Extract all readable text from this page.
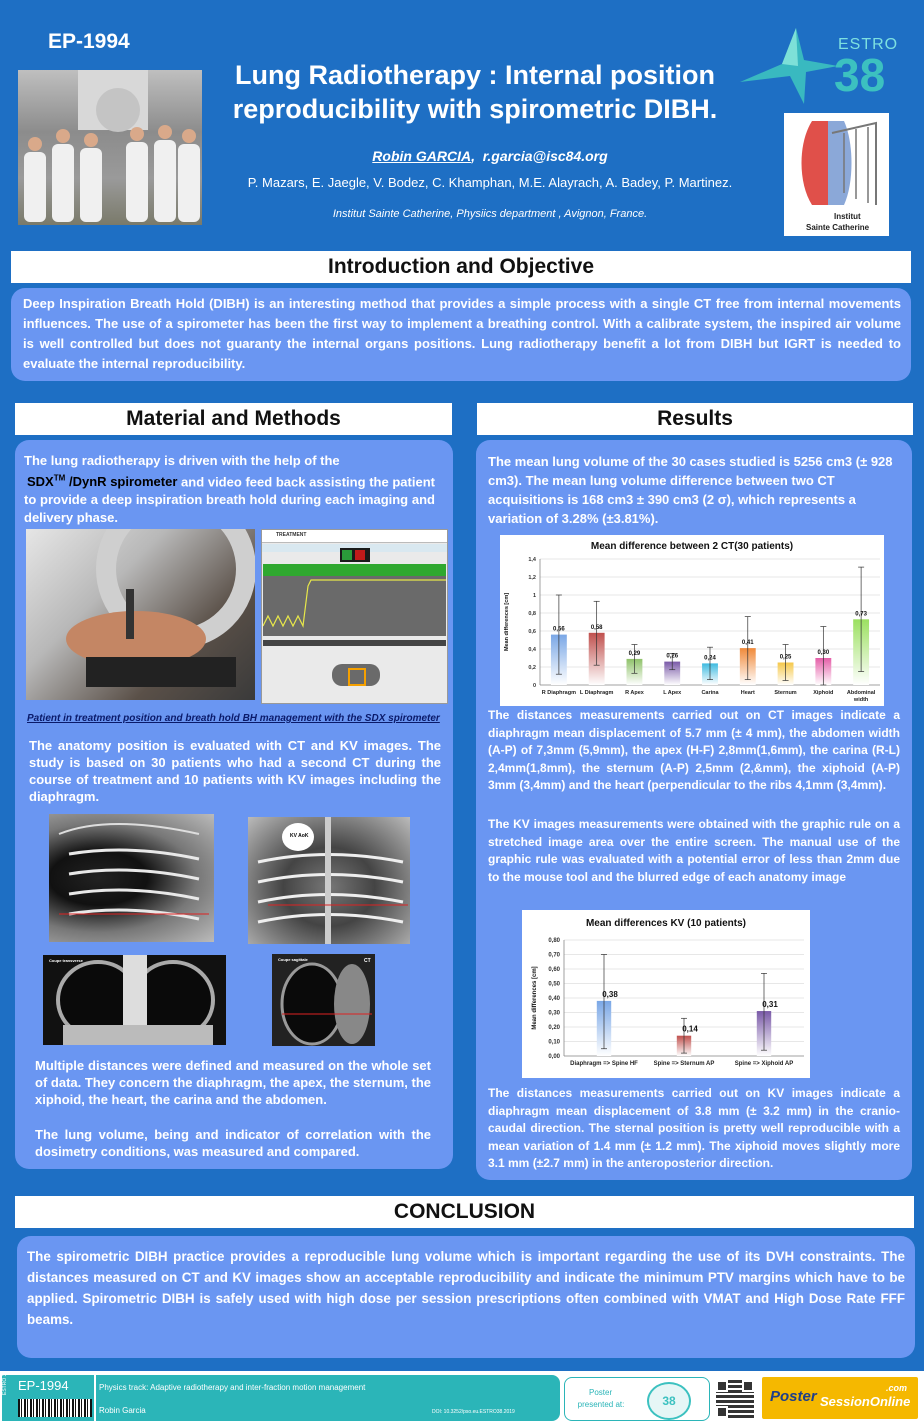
EP-1994
Lung Radiotherapy : Internal position
reproducibility with spirometric DIBH.
Robin GARCIA,  r.garcia@isc84.org
P. Mazars, E. Jaegle, V. Bodez, C. Khamphan, M.E. Alayrach, A. Badey, P. Martinez.
Institut Sainte Catherine, Physiics department , Avignon, France.
ESTRO
38
Institut
Sainte Catherine
Introduction and Objective

Deep Inspiration Breath Hold (DIBH) is an interesting method that provides a simple process with a single CT free from internal movements influences. The use of a spirometer has been the first way to implement a breathing control. With a calibrate system, the inspired air volume is well controlled but does not guaranty the internal organs positions. Lung radiotherapy benefit a lot from DIBH but IGRT is needed to evaluate the internal reproducibility.

Material and Methods

The lung radiotherapy is driven with the help of the
SDX™ /DynR spirometer and video feed back assisting the patient to provide a deep inspiration breath hold during each imaging and delivery phase.

TREATMENT

Patient in treatment position and breath hold BH management with the SDX spirometer

The anatomy position is evaluated with CT and KV images. The study is based on 30 patients who had a second CT during the course of treatment and 10 patients with KV images including the diaphragm.

KV AoK
Coupe transverse	CT
Coupe sagittale

Multiple distances were defined and measured on the whole set of data. They concern the diaphragm, the apex, the sternum, the xiphoid, the heart, the carina and the abdomen.

The lung volume, being and indicator of correlation with the dosimetry conditions, was measured and compared.

Results

The mean lung volume of the 30 cases studied is 5256 cm3 (± 928 cm3). The mean lung volume difference between two CT acquisitions is 168 cm3 ± 390 cm3 (2 σ), which represents a variation of 3.28% (±3.81%).

Mean difference between 2 CT(30 patients)
0
0,2
0,4
0,6
0,8
1
1,2
1,4
Mean differences [cm]	0,56
R Diaphragm
0,58
L Diaphragm
0,29
R Apex
0,26
L Apex
0,24
Carina
0,41
Heart
0,25
Sternum
0,30
Xiphoid
0,73
Abdominal
width

The distances measurements carried out on CT images indicate a diaphragm mean displacement of 5.7 mm (± 4 mm), the abdomen width (A-P) of 7,3mm (5,9mm), the apex (H-F) 2,8mm(1,6mm), the carina (R-L) 2,4mm(1,8mm), the sternum (A-P) 2,5mm (2,&mm), the xiphoid (A-P) 3mm (3,4mm) and the heart (perpendicular to the ribs 4,1mm (3,4mm).

The KV images measurements were obtained with the graphic rule on a stretched image area over the entire screen. The manual use of the graphic rule was evaluated with a potential error of less than 2mm due to the mouse tool and the blurred edge of each anatomy image

Mean differences KV (10 patients)
0,00
0,10
0,20
0,30
0,40
0,50
0,60
0,70
0,80
Mean differences [cm]	0,38
Diaphragm => Spine HF
0,14
Spine => Sternum AP
0,31
Spine => Xiphoid AP

The distances measurements carried out on KV images indicate a diaphragm mean displacement of 3.8 mm (± 3.2 mm) in the cranio-caudal direction. The sternal position is pretty well reproducible with a mean variation of 1.4 mm (± 1.2 mm). The xiphoid moves slightly more 3.1 mm (±2.7 mm) in the anteroposterior direction.

CONCLUSION

The spirometric DIBH practice provides a reproducible lung volume which is important regarding the use of its DVH constraints. The distances measured on CT and KV images show an acceptable reproducibility and indicate the minimum PTV margins which have to be applied. Spirometric DIBH is safely used with high dose per session prescriptions often combined with VMAT and High Dose Rate FFF beams.

ESTRO 38 EP-1994	Physics track: Adaptive radiotherapy and inter-fraction motion management
Robin Garcia	DOI: 10.3252/pso.eu.ESTRO38.2019
Poster
presented at:	38	Poster SessionOnline
.com
